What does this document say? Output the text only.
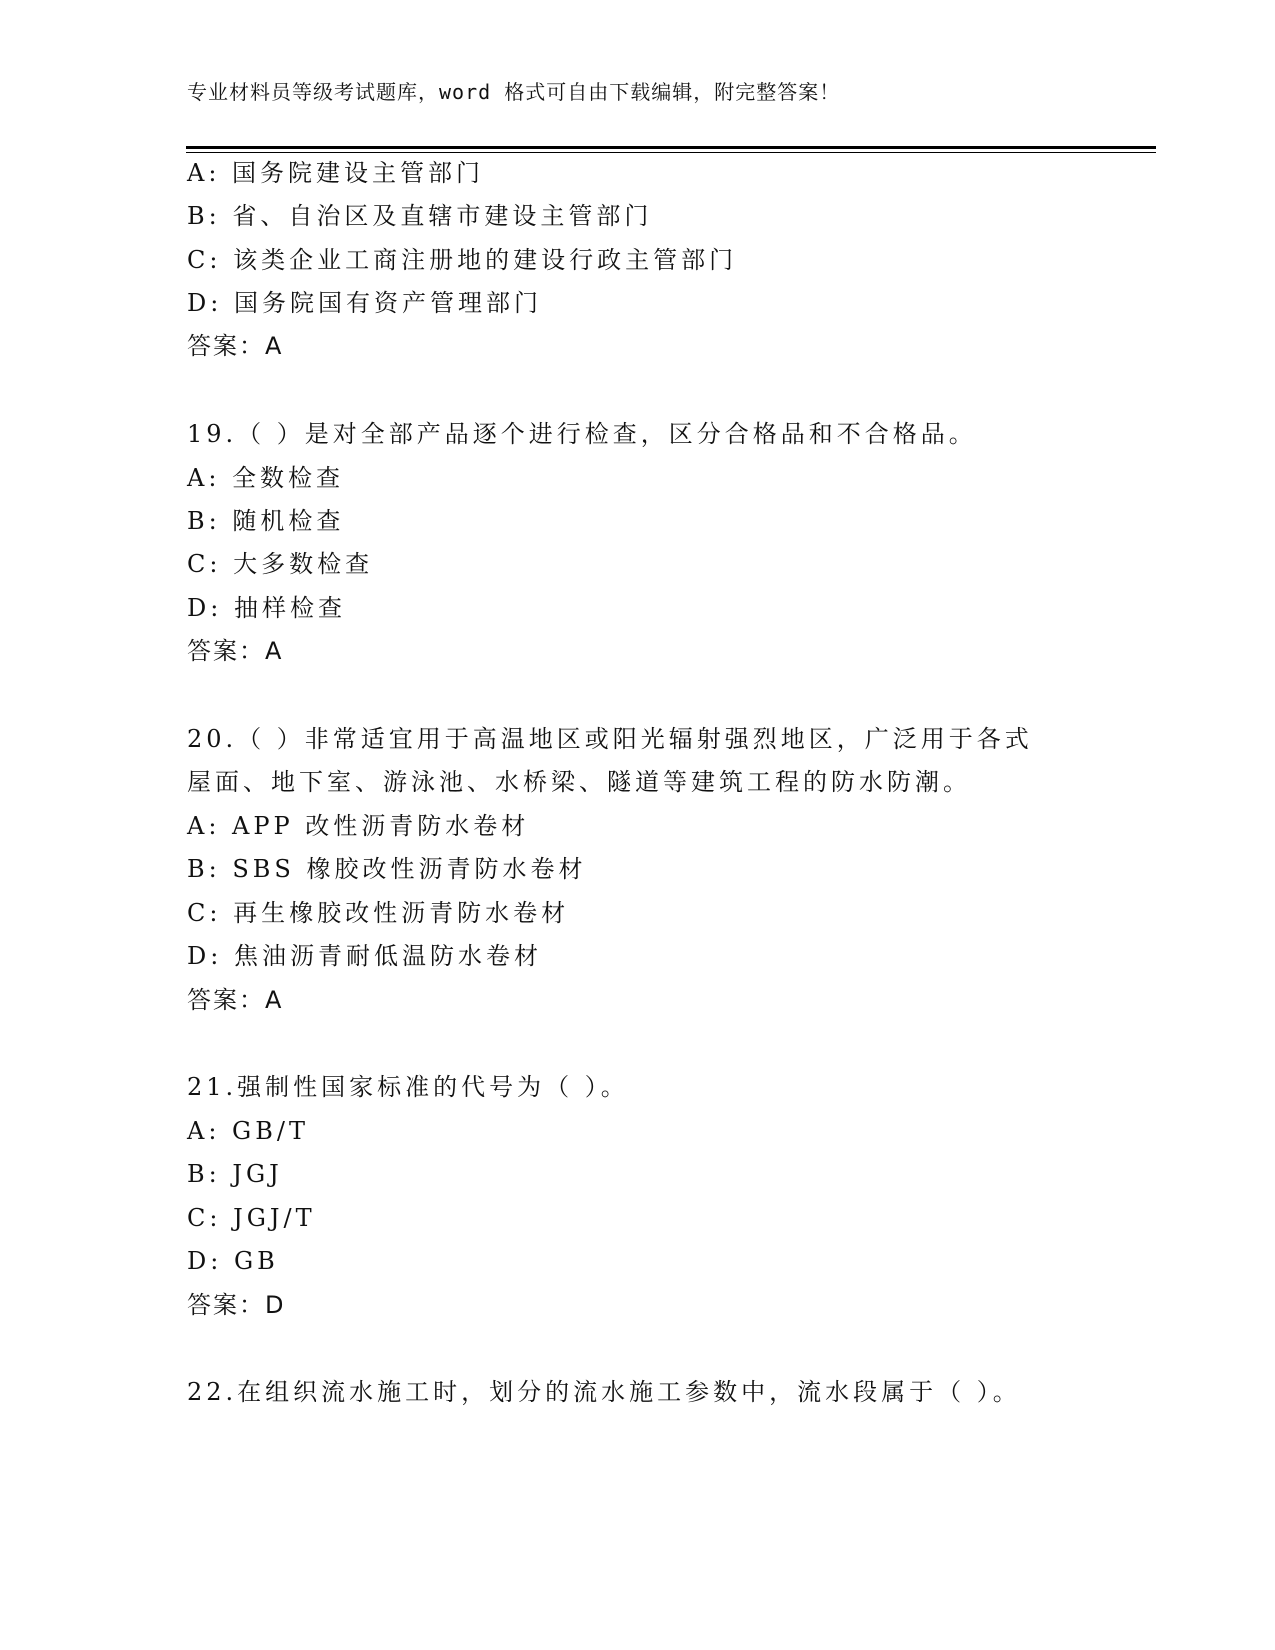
专业材料员等级考试题库，word 格式可自由下载编辑，附完整答案！
A: 国务院建设主管部门
B: 省、自治区及直辖市建设主管部门
C: 该类企业工商注册地的建设行政主管部门
D: 国务院国有资产管理部门
答案：A
19.（ ）是对全部产品逐个进行检查，区分合格品和不合格品。
A: 全数检查
B: 随机检查
C: 大多数检查
D: 抽样检查
答案：A
20.（ ）非常适宜用于高温地区或阳光辐射强烈地区，广泛用于各式
屋面、地下室、游泳池、水桥梁、隧道等建筑工程的防水防潮。
A: APP 改性沥青防水卷材
B: SBS 橡胶改性沥青防水卷材
C: 再生橡胶改性沥青防水卷材
D: 焦油沥青耐低温防水卷材
答案：A
21.强制性国家标准的代号为（ ）。
A: GB/T
B: JGJ
C: JGJ/T
D: GB
答案：D
22.在组织流水施工时，划分的流水施工参数中，流水段属于（ ）。
